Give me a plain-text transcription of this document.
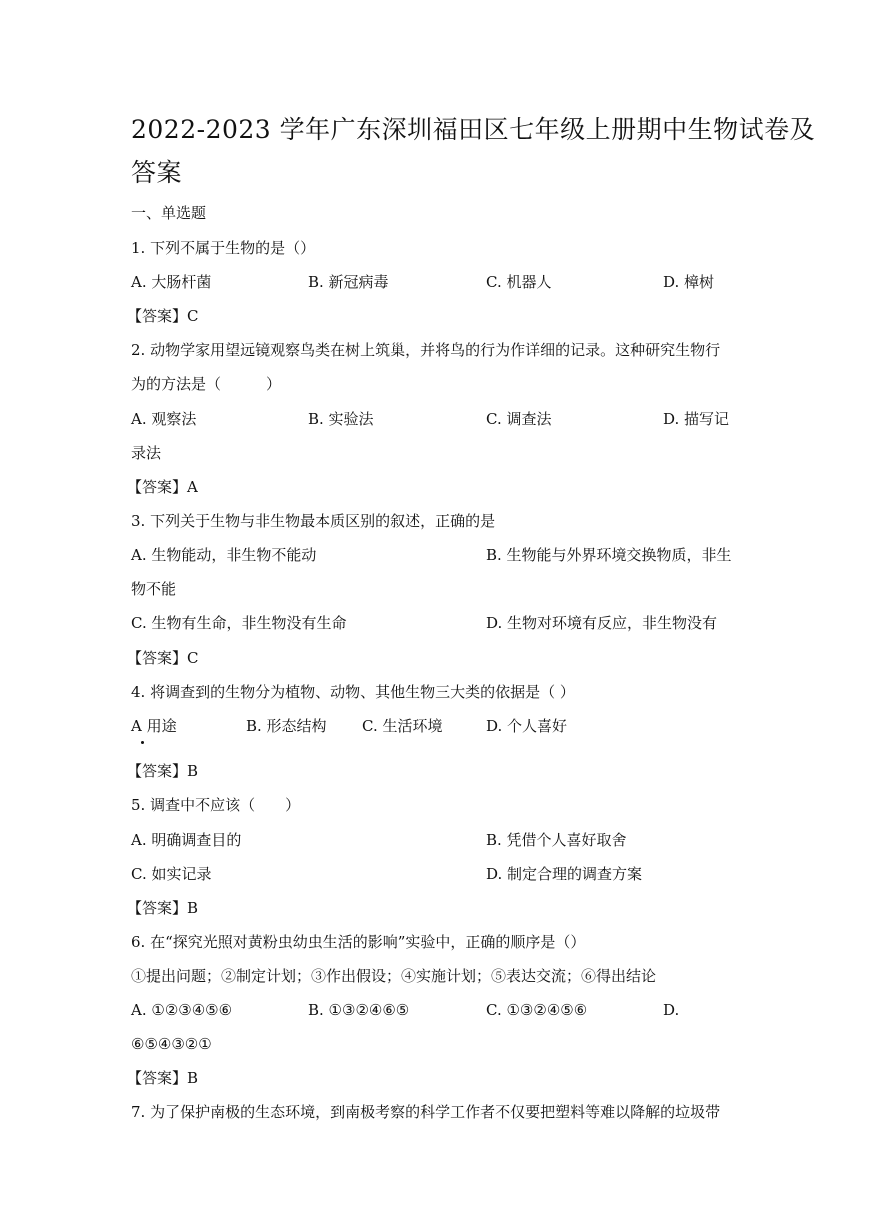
2022-2023 学年广东深圳福田区七年级上册期中生物试卷及
答案
一、单选题
1. 下列不属于生物的是（）
A. 大肠杆菌	B. 新冠病毒	C. 机器人	D. 樟树
【答案】C
2. 动物学家用望远镜观察鸟类在树上筑巢，并将鸟的行为作详细的记录。这种研究生物行
为的方法是（　　　）
A. 观察法	B. 实验法	C. 调查法	D. 描写记
录法
【答案】A
3. 下列关于生物与非生物最本质区别的叙述，正确的是
A. 生物能动，非生物不能动	B. 生物能与外界环境交换物质，非生
物不能
C. 生物有生命，非生物没有生命	D. 生物对环境有反应，非生物没有
【答案】C
4. 将调查到的生物分为植物、动物、其他生物三大类的依据是（ ）
A 用途	B. 形态结构 C. 生活环境	D. 个人喜好
【答案】B
5. 调查中不应该（　　）
A. 明确调查目的	B. 凭借个人喜好取舍
C. 如实记录	D. 制定合理的调查方案
【答案】B
6. 在“探究光照对黄粉虫幼虫生活的影响”实验中，正确的顺序是（）
①提出问题；②制定计划；③作出假设；④实施计划；⑤表达交流；⑥得出结论
A. ①②③④⑤⑥	B. ①③②④⑥⑤	C. ①③②④⑤⑥	D.
⑥⑤④③②①
【答案】B
7. 为了保护南极的生态环境，到南极考察的科学工作者不仅要把塑料等难以降解的垃圾带
